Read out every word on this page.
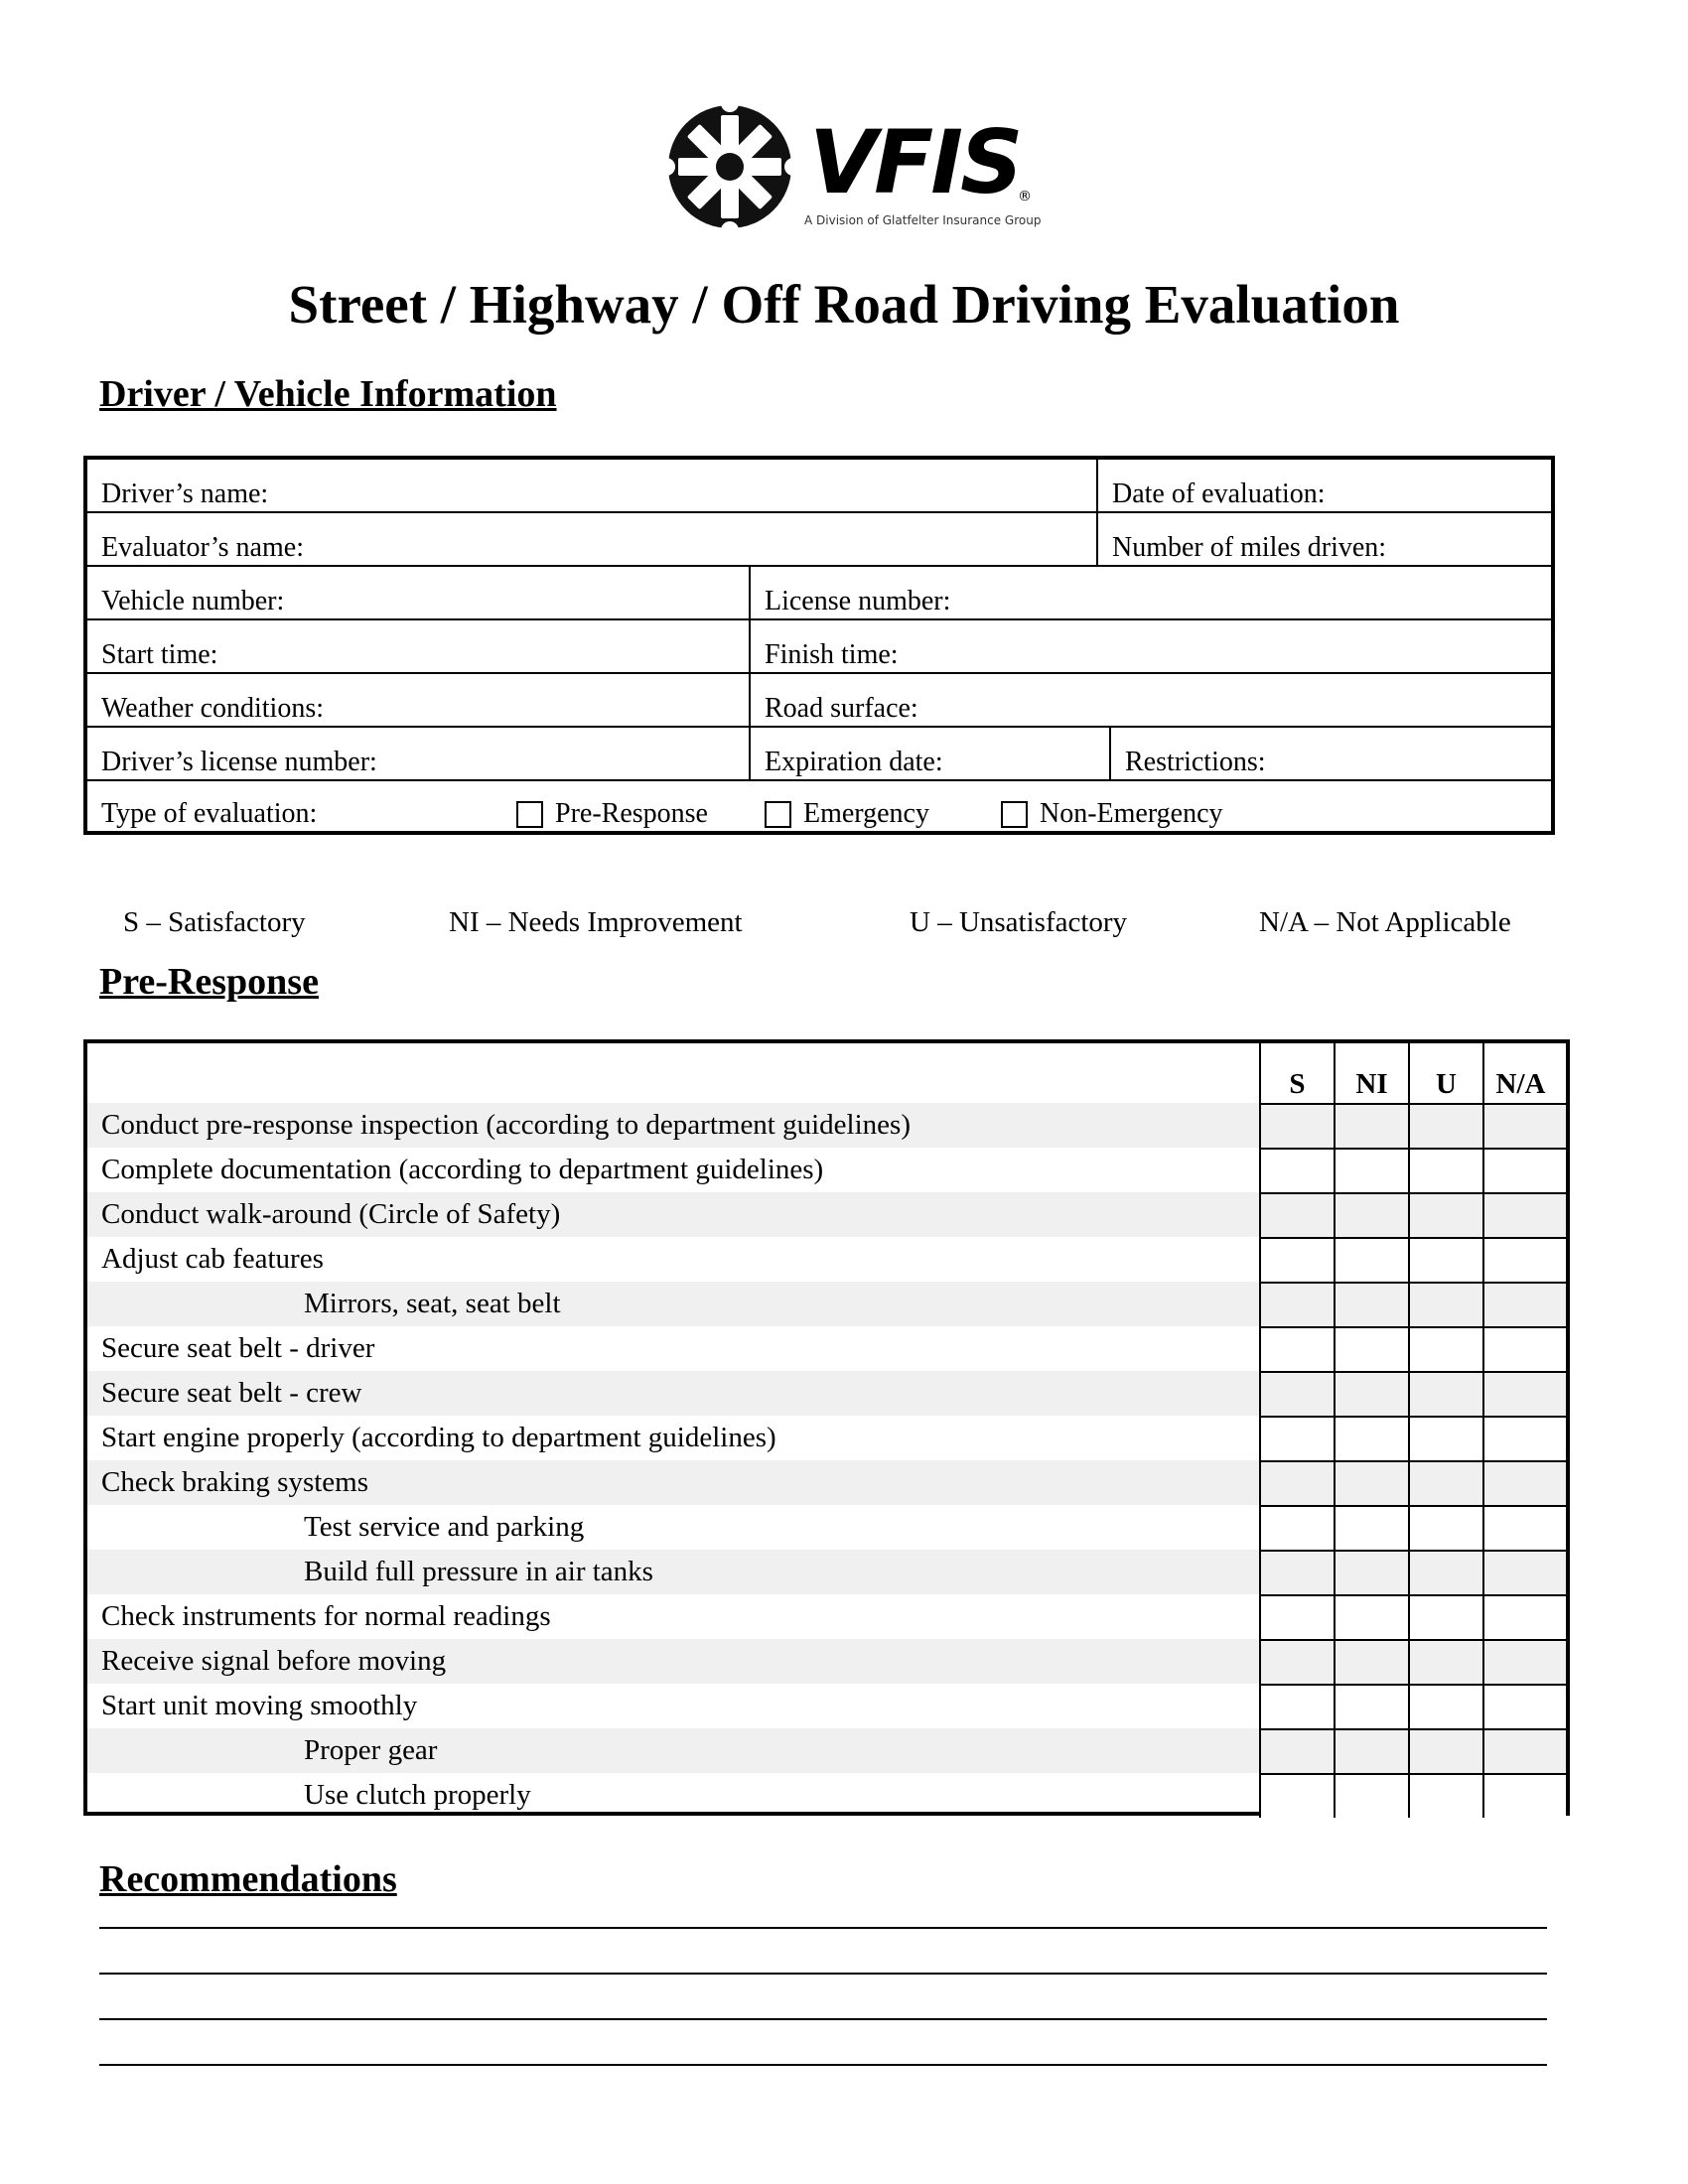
VFIS
®
A Division of Glatfelter Insurance Group
Street / Highway / Off Road Driving Evaluation
Driver / Vehicle Information
Driver’s name:	Date of evaluation:
Evaluator’s name:	Number of miles driven:
Vehicle number:	License number:
Start time:	Finish time:
Weather conditions:	Road surface:
Driver’s license number:	Expiration date:	Restrictions:
Type of evaluation:	Pre-Response	Emergency	Non-Emergency
S – Satisfactory	NI – Needs Improvement	U – Unsatisfactory	N/A – Not Applicable
Pre-Response
S	NI	U	N/A
Conduct pre-response inspection (according to department guidelines)
Complete documentation (according to department guidelines)
Conduct walk-around (Circle of Safety)
Adjust cab features
Mirrors, seat, seat belt
Secure seat belt - driver
Secure seat belt - crew
Start engine properly (according to department guidelines)
Check braking systems
Test service and parking
Build full pressure in air tanks
Check instruments for normal readings
Receive signal before moving
Start unit moving smoothly
Proper gear
Use clutch properly
Recommendations
